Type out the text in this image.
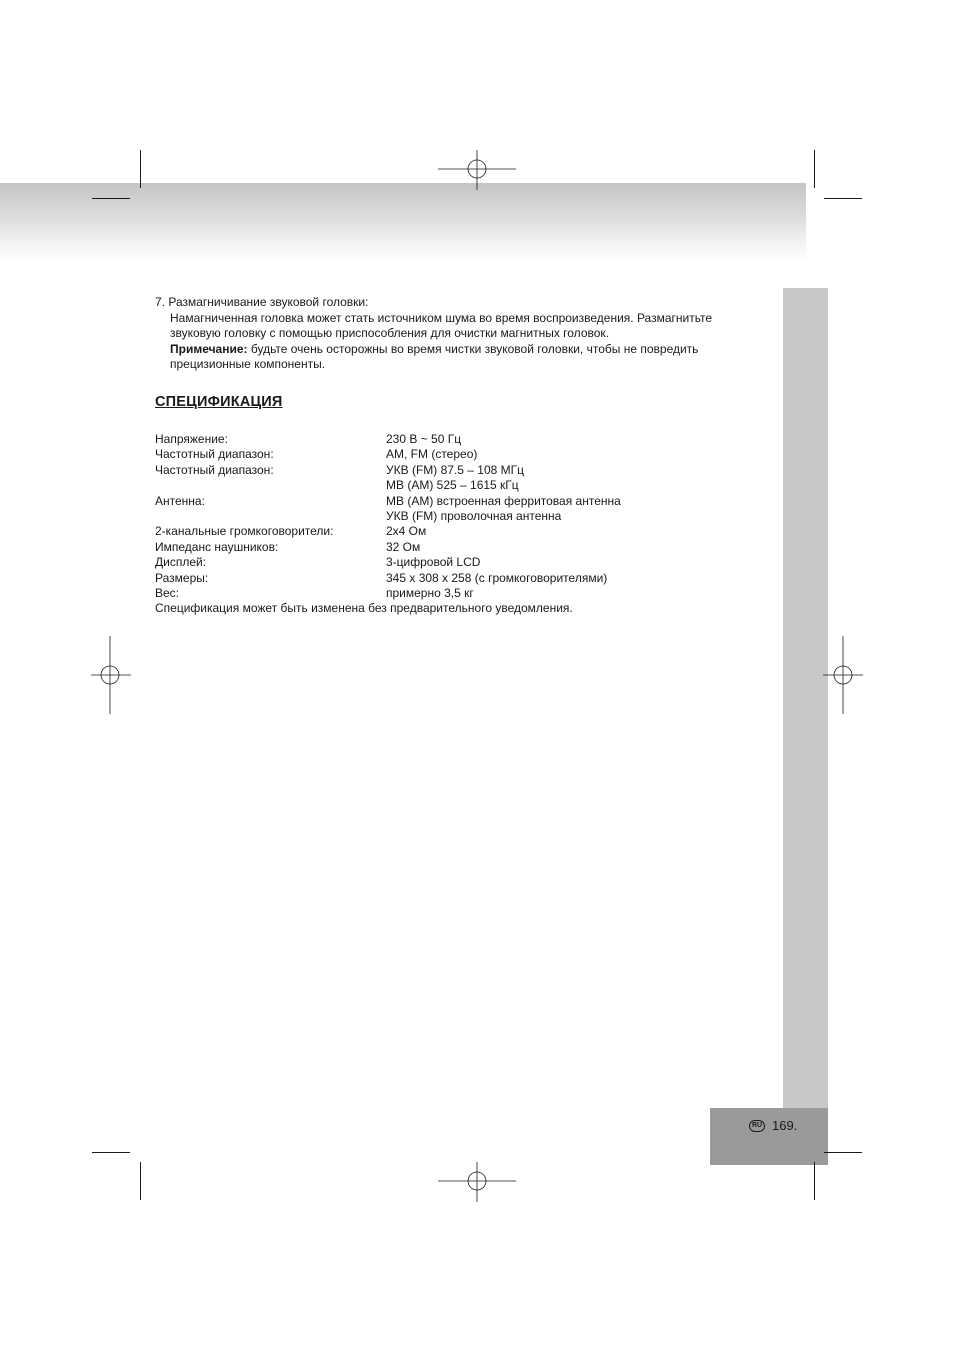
RU 169.

7. Размагничивание звуковой головки:

Намагниченная головка может стать источником шума во время воспроизведения. Размагнитьте звуковую головку с помощью приспособления для очистки магнитных головок.

Примечание: будьте очень осторожны во время чистки звуковой головки, чтобы не повредить прецизионные компоненты.

СПЕЦИФИКАЦИЯ
Напряжение:	230 В ~ 50 Гц

Частотный диапазон:	AM, FM (стерео)

Частотный диапазон:	УКВ (FM) 87.5 – 108 МГц
МВ (АМ) 525 – 1615 кГц

Антенна:	МВ (АМ) встроенная ферритовая антенна
УКВ (FM) проволочная антенна

2-канальные громкоговорители:	2x4 Ом

Импеданс наушников:	32 Ом

Дисплей:	3-цифровой LCD

Размеры:	345 x 308 x 258 (с громкоговорителями)

Вес:	примерно 3,5 кг

Спецификация может быть изменена без предварительного уведомления.
